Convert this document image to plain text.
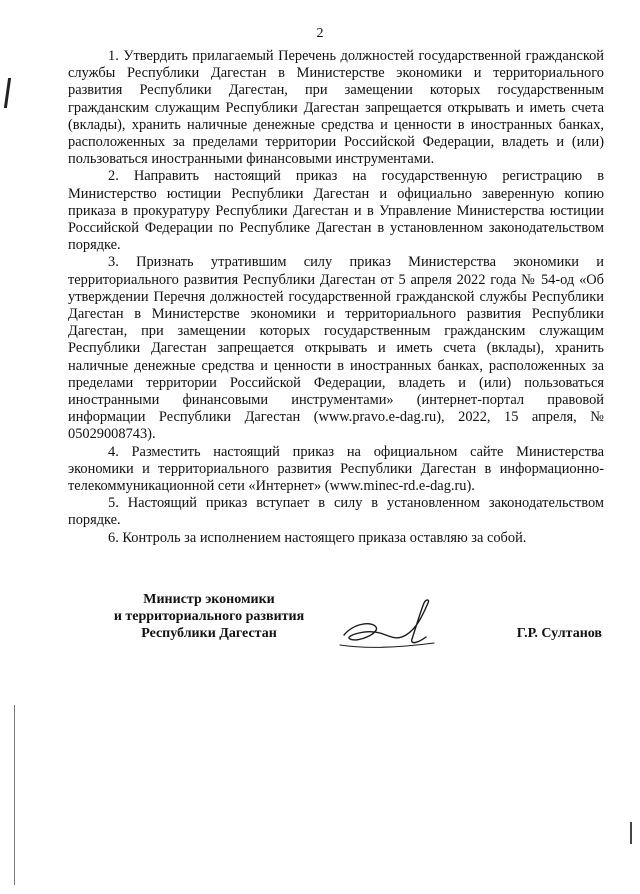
2

1. Утвердить прилагаемый Перечень должностей государственной гражданской службы Республики Дагестан в Министерстве экономики и территориального развития Республики Дагестан, при замещении которых государственным гражданским служащим Республики Дагестан запрещается открывать и иметь счета (вклады), хранить наличные денежные средства и ценности в иностранных банках, расположенных за пределами территории Российской Федерации, владеть и (или) пользоваться иностранными финансовыми инструментами.

2. Направить настоящий приказ на государственную регистрацию в Министерство юстиции Республики Дагестан и официально заверенную копию приказа в прокуратуру Республики Дагестан и в Управление Министерства юстиции Российской Федерации по Республике Дагестан в установленном законодательством порядке.

3. Признать утратившим силу приказ Министерства экономики и территориального развития Республики Дагестан от 5 апреля 2022 года № 54-од «Об утверждении Перечня должностей государственной гражданской службы Республики Дагестан в Министерстве экономики и территориального развития Республики Дагестан, при замещении которых государственным гражданским служащим Республики Дагестан запрещается открывать и иметь счета (вклады), хранить наличные денежные средства и ценности в иностранных банках, расположенных за пределами территории Российской Федерации, владеть и (или) пользоваться иностранными финансовыми инструментами» (интернет-портал правовой информации Республики Дагестан (www.pravo.e-dag.ru), 2022, 15 апреля, № 05029008743).

4. Разместить настоящий приказ на официальном сайте Министерства экономики и территориального развития Республики Дагестан в информационно-телекоммуникационной сети «Интернет» (www.minec-rd.e-dag.ru).

5. Настоящий приказ вступает в силу в установленном законодательством порядке.

6. Контроль за исполнением настоящего приказа оставляю за собой.

Министр экономики
и территориального развития
Республики Дагестан	Г.Р. Султанов
